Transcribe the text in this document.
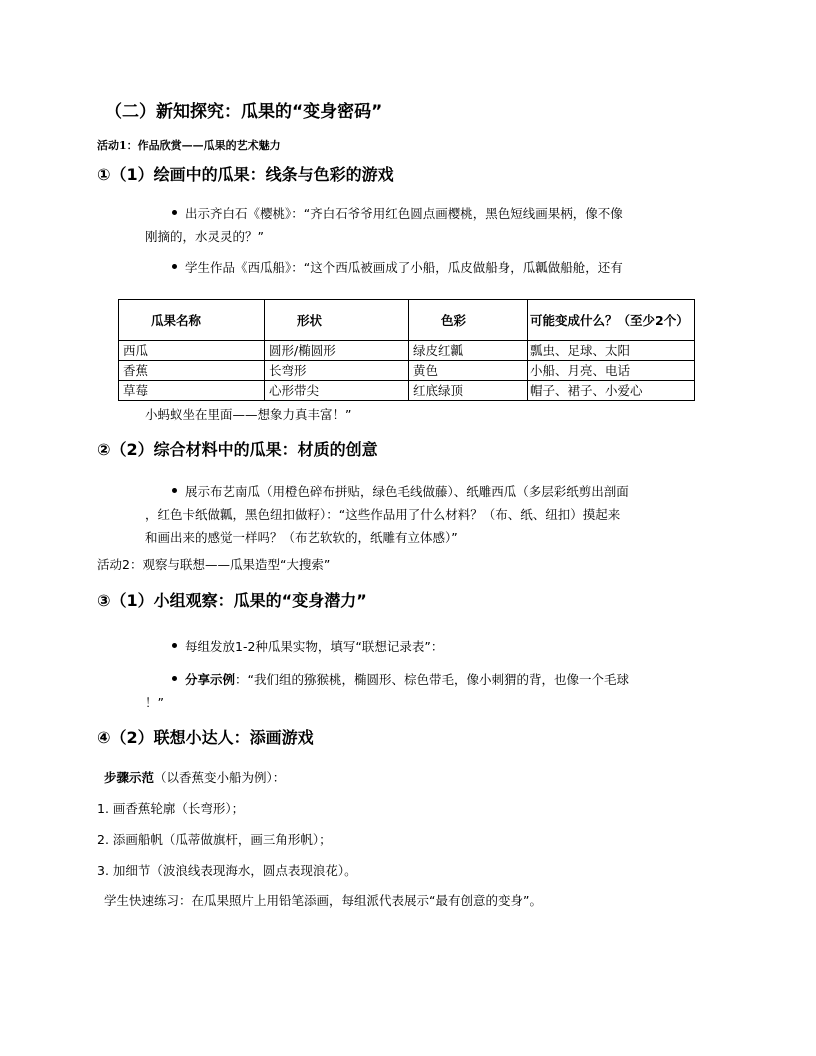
（二）新知探究：瓜果的“变身密码”
活动1：作品欣赏——瓜果的艺术魅力
①（1）绘画中的瓜果：线条与色彩的游戏
出示齐白石《樱桃》：“齐白石爷爷用红色圆点画樱桃，黑色短线画果柄，像不像
刚摘的，水灵灵的？”
学生作品《西瓜船》：“这个西瓜被画成了小船，瓜皮做船身，瓜瓤做船舱，还有
瓜果名称	形状	色彩	可能变成什么？（至少2个）
西瓜	圆形/椭圆形	绿皮红瓤	瓢虫、足球、太阳
香蕉	长弯形	黄色	小船、月亮、电话
草莓	心形带尖	红底绿顶	帽子、裙子、小爱心
小蚂蚁坐在里面——想象力真丰富！”
②（2）综合材料中的瓜果：材质的创意
展示布艺南瓜（用橙色碎布拼贴，绿色毛线做藤）、纸雕西瓜（多层彩纸剪出剖面
，红色卡纸做瓤，黑色纽扣做籽）：“这些作品用了什么材料？（布、纸、纽扣）摸起来
和画出来的感觉一样吗？（布艺软软的，纸雕有立体感）”
活动2：观察与联想——瓜果造型“大搜索”
③（1）小组观察：瓜果的“变身潜力”
每组发放1-2种瓜果实物，填写“联想记录表”：
分享示例：“我们组的猕猴桃，椭圆形、棕色带毛，像小刺猬的背，也像一个毛球
！”
④（2）联想小达人：添画游戏
步骤示范（以香蕉变小船为例）：
1. 画香蕉轮廓（长弯形）；
2. 添画船帆（瓜蒂做旗杆，画三角形帆）；
3. 加细节（波浪线表现海水，圆点表现浪花）。
学生快速练习：在瓜果照片上用铅笔添画，每组派代表展示“最有创意的变身”。
